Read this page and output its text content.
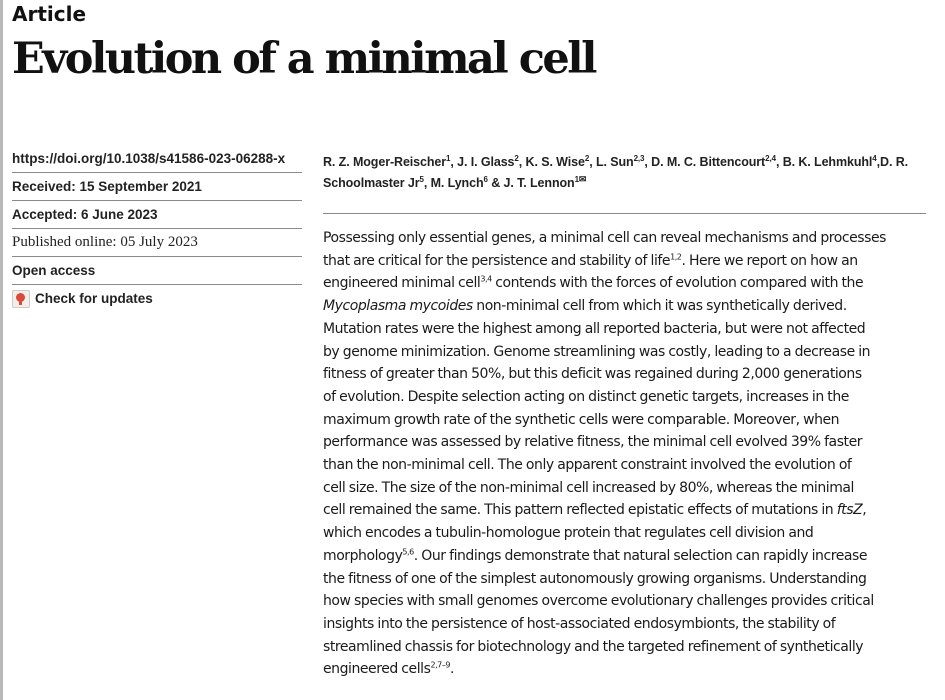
Article
Evolution of a minimal cell
https://doi.org/10.1038/s41586-023-06288-x
Received: 15 September 2021
Accepted: 6 June 2023
Published online: 05 July 2023
Open access
Check for updates

R. Z. Moger-Reischer$^1$, J. I. Glass$^2$, K. S. Wise$^2$, L. Sun$^{2,3}$, D. M. C. Bittencourt$^{2,4}$, B. K. Lehmkuhl$^4$,D. R. Schoolmaster Jr$^5$, M. Lynch$^6$ & J. T. Lennon$^{1✉}$

Possessing only essential genes, a minimal cell can reveal mechanisms and processes
that are critical for the persistence and stability of life$^{1,2}$. Here we report on how an
engineered minimal cell$^{3,4}$ contends with the forces of evolution compared with the
Mycoplasma mycoides non-minimal cell from which it was synthetically derived.
Mutation rates were the highest among all reported bacteria, but were not affected
by genome minimization. Genome streamlining was costly, leading to a decrease in
fitness of greater than 50%, but this deficit was regained during 2,000 generations
of evolution. Despite selection acting on distinct genetic targets, increases in the
maximum growth rate of the synthetic cells were comparable. Moreover, when
performance was assessed by relative fitness, the minimal cell evolved 39% faster
than the non-minimal cell. The only apparent constraint involved the evolution of
cell size. The size of the non-minimal cell increased by 80%, whereas the minimal
cell remained the same. This pattern reflected epistatic effects of mutations in ftsZ,
which encodes a tubulin-homologue protein that regulates cell division and
morphology$^{5,6}$. Our findings demonstrate that natural selection can rapidly increase
the fitness of one of the simplest autonomously growing organisms. Understanding
how species with small genomes overcome evolutionary challenges provides critical
insights into the persistence of host-associated endosymbionts, the stability of
streamlined chassis for biotechnology and the targeted refinement of synthetically
engineered cells$^{2,7-9}$.
